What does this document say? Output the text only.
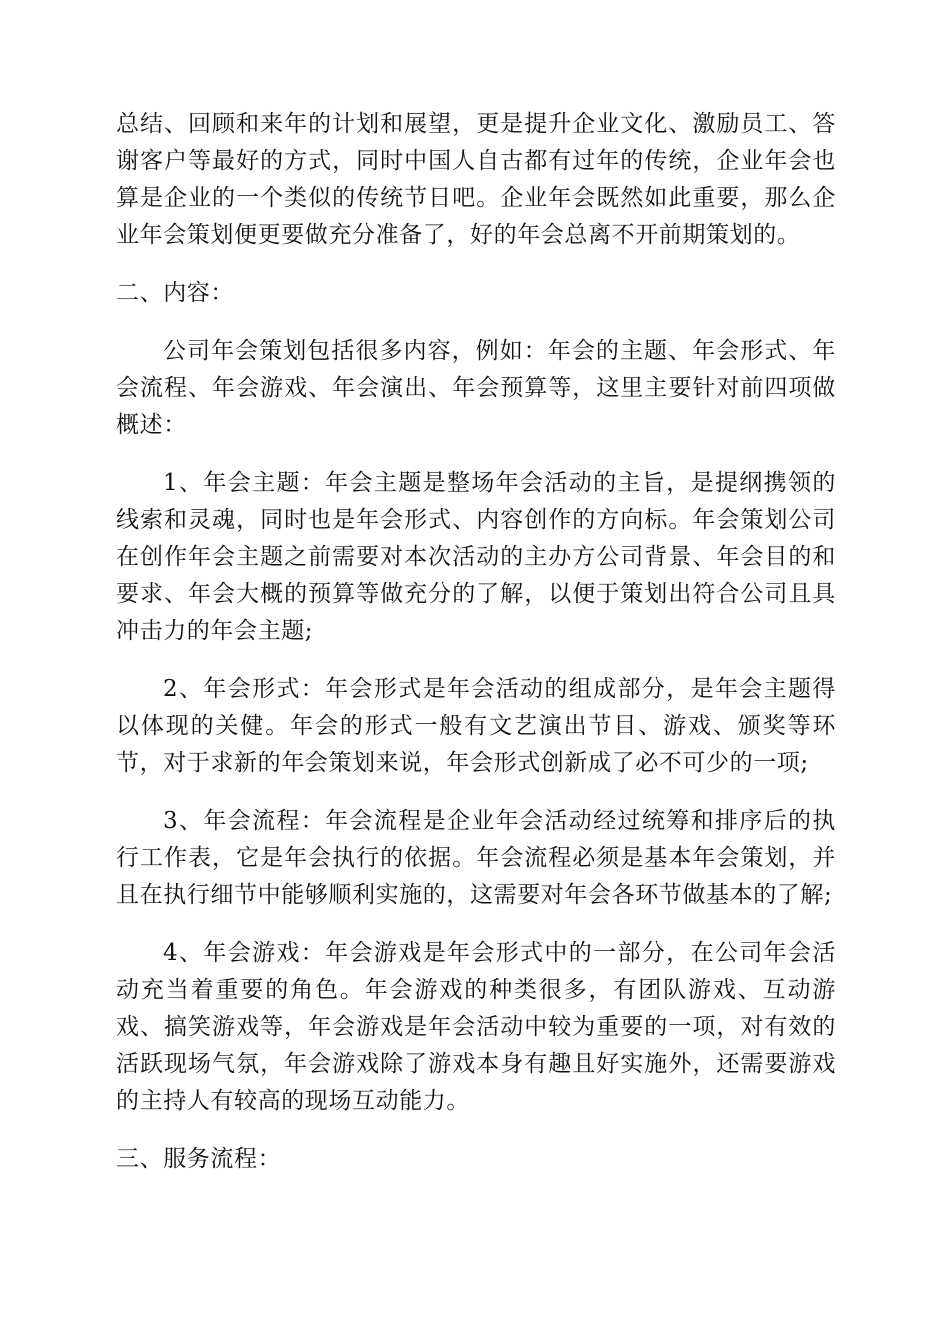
总结、回顾和来年的计划和展望，更是提升企业文化、激励员工、答谢客户等最好的方式，同时中国人自古都有过年的传统，企业年会也算是企业的一个类似的传统节日吧。企业年会既然如此重要，那么企业年会策划便更要做充分准备了，好的年会总离不开前期策划的。

二、内容：

公司年会策划包括很多内容，例如：年会的主题、年会形式、年会流程、年会游戏、年会演出、年会预算等，这里主要针对前四项做概述：

1、年会主题：年会主题是整场年会活动的主旨，是提纲携领的线索和灵魂，同时也是年会形式、内容创作的方向标。年会策划公司在创作年会主题之前需要对本次活动的主办方公司背景、年会目的和要求、年会大概的预算等做充分的了解，以便于策划出符合公司且具冲击力的年会主题;

2、年会形式：年会形式是年会活动的组成部分，是年会主题得以体现的关健。年会的形式一般有文艺演出节目、游戏、颁奖等环节，对于求新的年会策划来说，年会形式创新成了必不可少的一项;

3、年会流程：年会流程是企业年会活动经过统筹和排序后的执行工作表，它是年会执行的依据。年会流程必须是基本年会策划，并且在执行细节中能够顺利实施的，这需要对年会各环节做基本的了解;

4、年会游戏：年会游戏是年会形式中的一部分，在公司年会活动充当着重要的角色。年会游戏的种类很多，有团队游戏、互动游戏、搞笑游戏等，年会游戏是年会活动中较为重要的一项，对有效的活跃现场气氛，年会游戏除了游戏本身有趣且好实施外，还需要游戏的主持人有较高的现场互动能力。

三、服务流程：
